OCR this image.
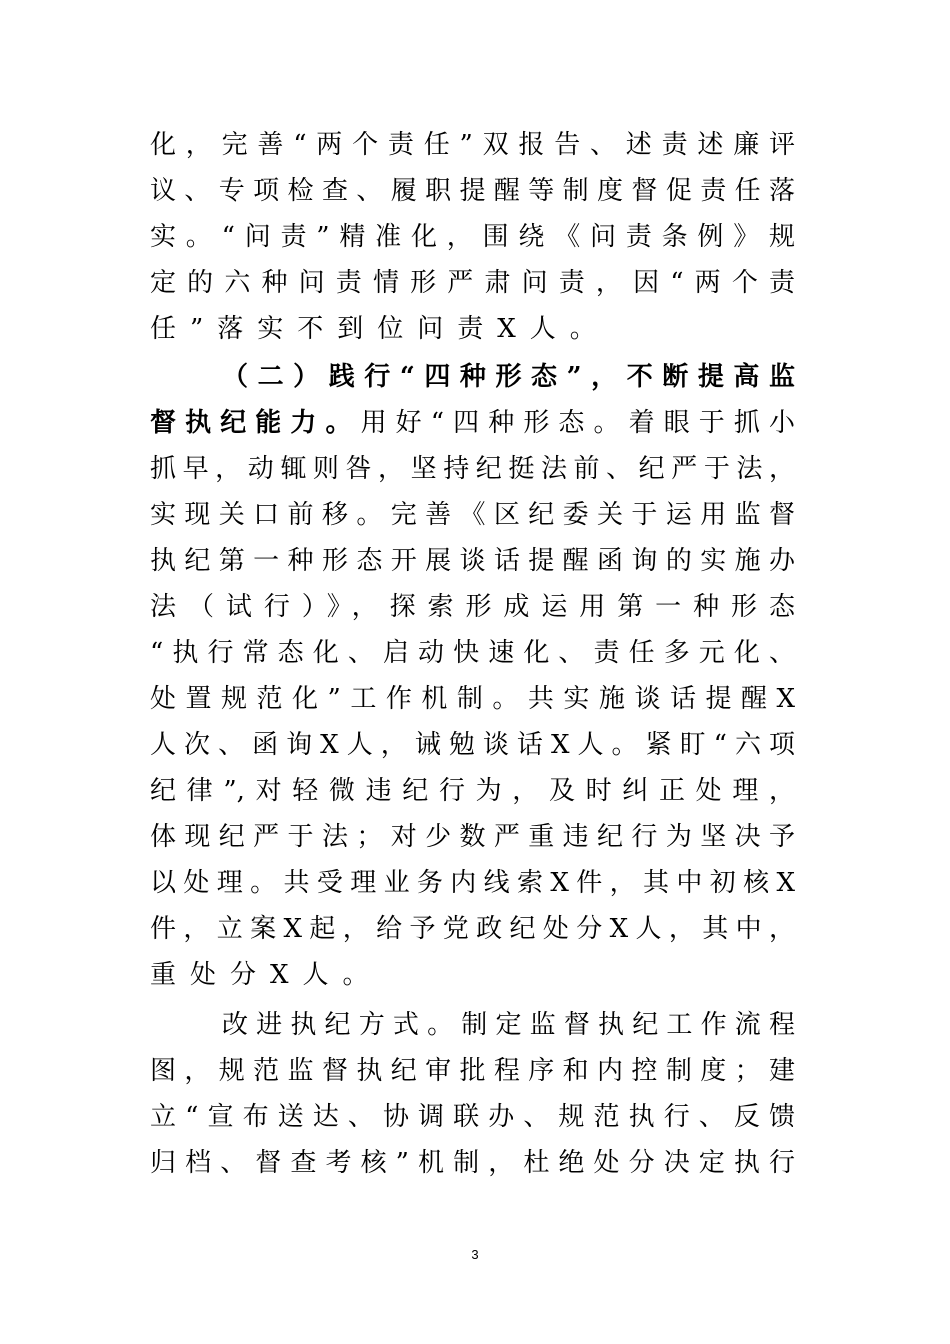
化，完善“两个责任”双报告、述责述廉评
议、专项检查、履职提醒等制度督促责任落
实。“问责”精准化，围绕《问责条例》规
定的六种问责情形严肃问责，因“两个责
任”落实不到位问责X人。
（二）践行“四种形态”，不断提高监
督执纪能力。用好“四种形态。着眼于抓小
抓早，动辄则咎，坚持纪挺法前、纪严于法，
实现关口前移。完善《区纪委关于运用监督
执纪第一种形态开展谈话提醒函询的实施办
法（试行）》，探索形成运用第一种形态
“执行常态化、启动快速化、责任多元化、
处置规范化”工作机制。共实施谈话提醒X
人次、函询X人，诫勉谈话X人。紧盯“六项
纪律”,对轻微违纪行为，及时纠正处理，
体现纪严于法；对少数严重违纪行为坚决予
以处理。共受理业务内线索X件，其中初核X
件，立案X起，给予党政纪处分X人，其中，
重处分X人。
改进执纪方式。制定监督执纪工作流程
图，规范监督执纪审批程序和内控制度；建
立“宣布送达、协调联办、规范执行、反馈
归档、督查考核”机制，杜绝处分决定执行
3
